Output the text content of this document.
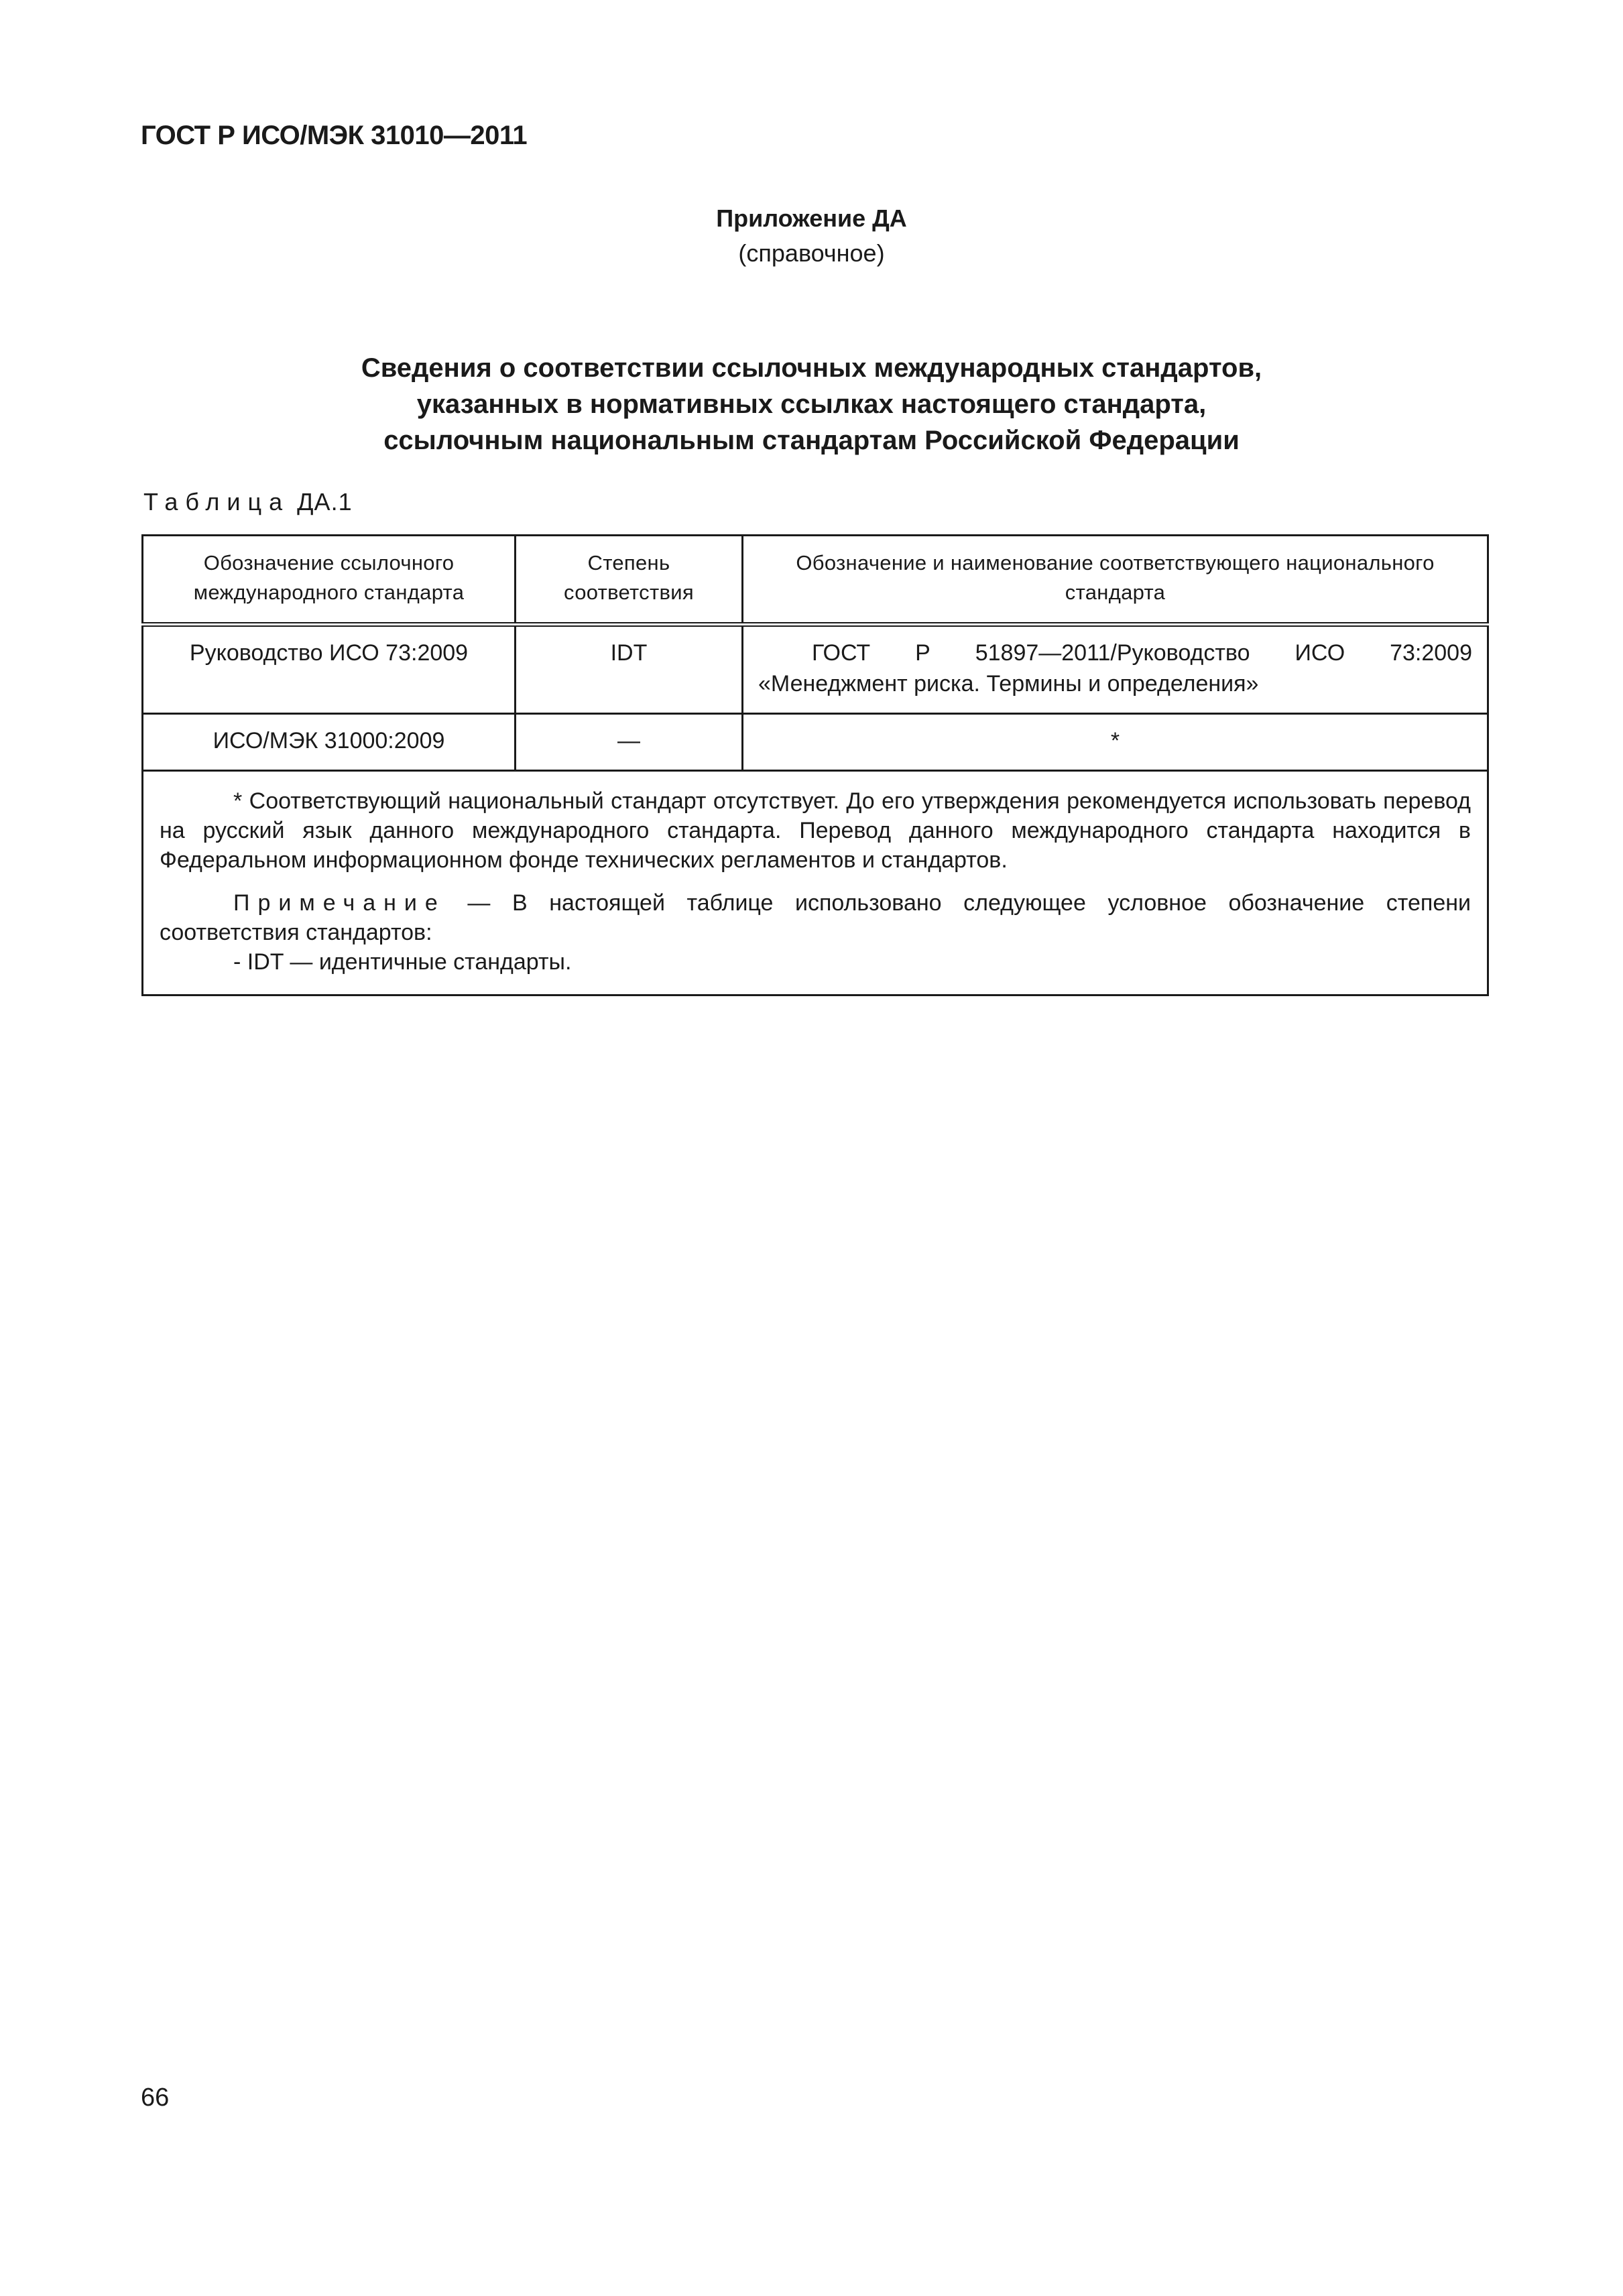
ГОСТ Р ИСО/МЭК 31010—2011
Приложение ДА
(справочное)
Сведения о соответствии ссылочных международных стандартов,
указанных в нормативных ссылках настоящего стандарта,
ссылочным национальным стандартам Российской Федерации
Таблица ДА.1
Обозначение ссылочного международного стандарта	Степень соответствия	Обозначение и наименование соответствующего национального стандарта
Руководство ИСО 73:2009	IDT	ГОСТ Р 51897—2011/Руководство ИСО 73:2009 «Менеджмент риска. Термины и определения»
ИСО/МЭК 31000:2009	—	*

* Соответствующий национальный стандарт отсутствует. До его утверждения рекомендуется использовать перевод на русский язык данного международного стандарта. Перевод данного международного стандарта находится в Федеральном информационном фонде технических регламентов и стандартов.

Примечание — В настоящей таблице использовано следующее условное обозначение степени соответствия стандартов:

- IDT — идентичные стандарты.		

66
